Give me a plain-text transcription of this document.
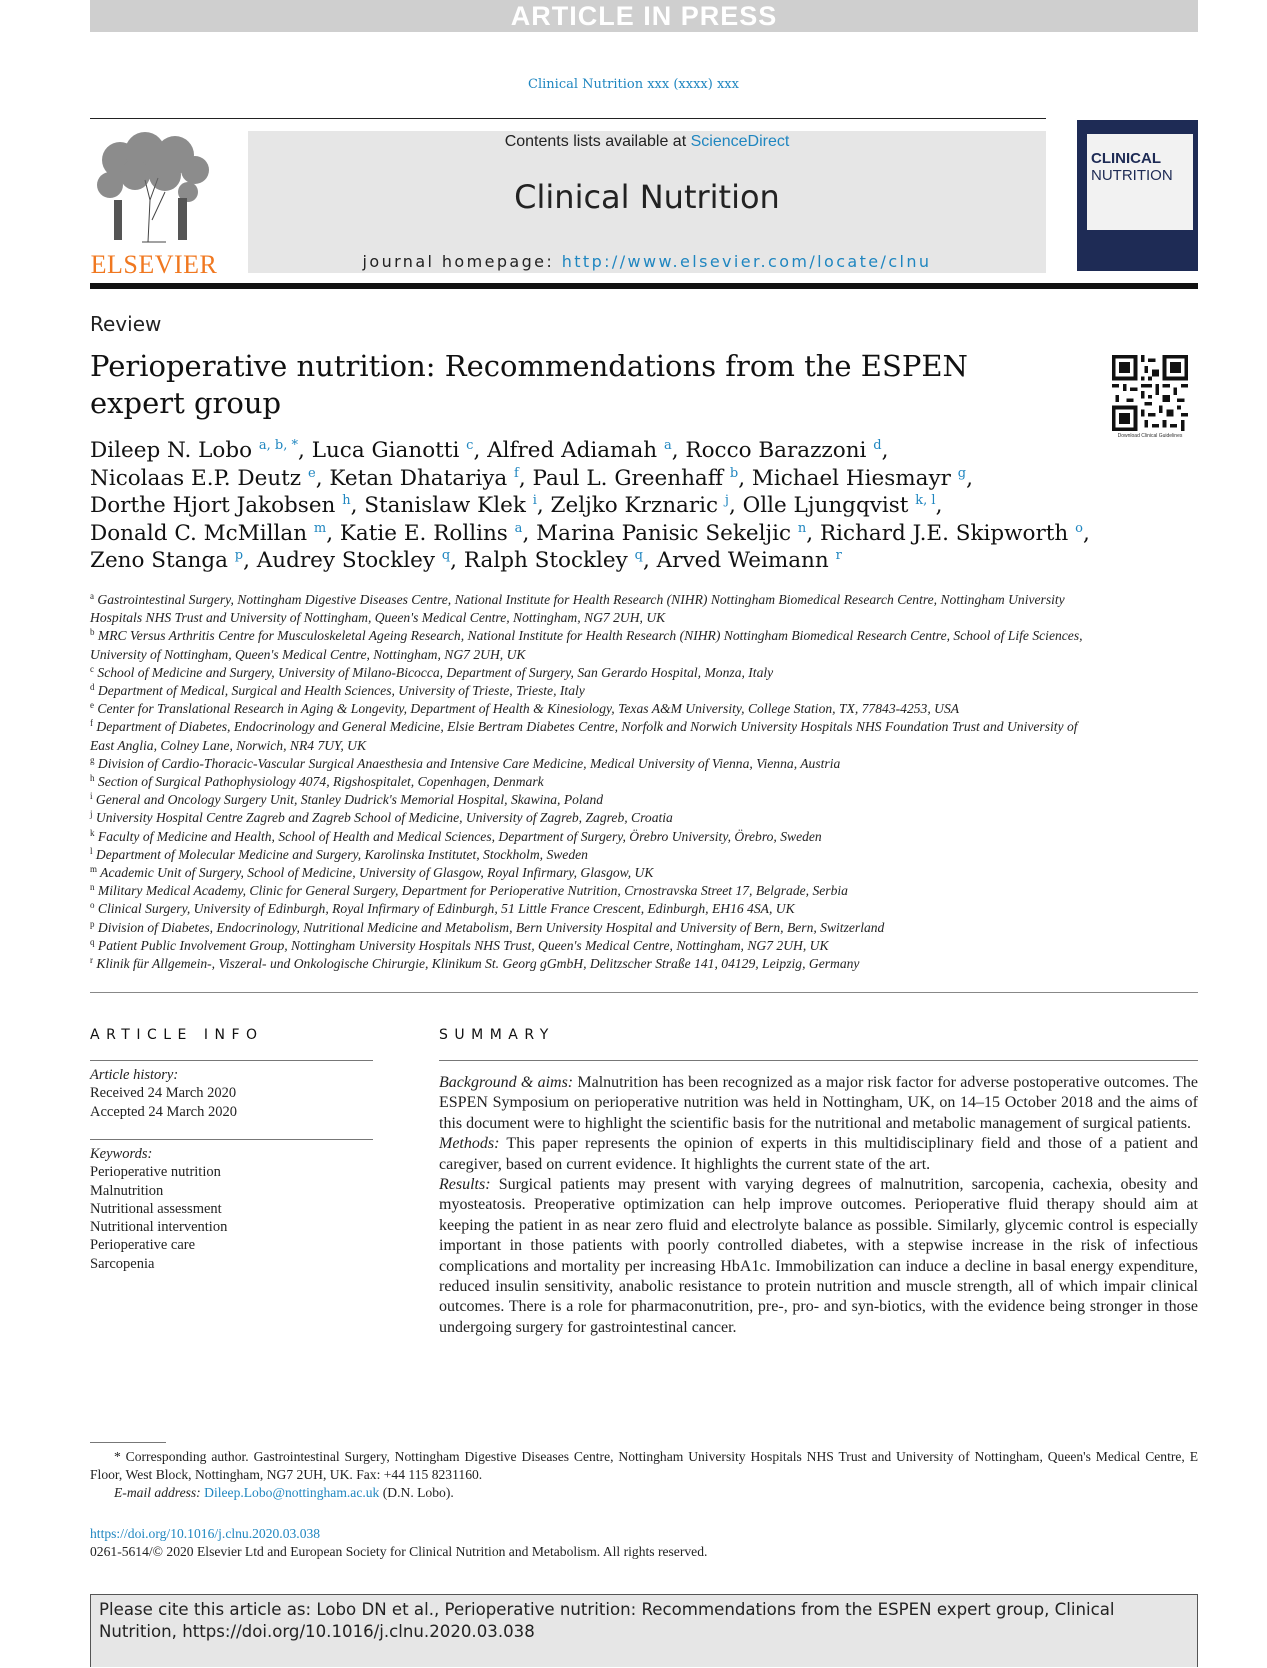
ARTICLE IN PRESS
Clinical Nutrition xxx (xxxx) xxx
ELSEVIER
Contents lists available at ScienceDirect
Clinical Nutrition
journal homepage: http://www.elsevier.com/locate/clnu
CLINICAL
NUTRITION
Review
Perioperative nutrition: Recommendations from the ESPEN expert group
Download Clinical Guidelines
Dileep N. Lobo $^{a, b, *}$, Luca Gianotti $^c$, Alfred Adiamah $^a$, Rocco Barazzoni $^d$,
Nicolaas E.P. Deutz $^e$, Ketan Dhatariya $^f$, Paul L. Greenhaff $^b$, Michael Hiesmayr $^g$,
Dorthe Hjort Jakobsen $^h$, Stanislaw Klek $^i$, Zeljko Krznaric $^j$, Olle Ljungqvist $^{k, l}$,
Donald C. McMillan $^m$, Katie E. Rollins $^a$, Marina Panisic Sekeljic $^n$, Richard J.E. Skipworth $^o$,
Zeno Stanga $^p$, Audrey Stockley $^q$, Ralph Stockley $^q$, Arved Weimann $^r$
$^a$ Gastrointestinal Surgery, Nottingham Digestive Diseases Centre, National Institute for Health Research (NIHR) Nottingham Biomedical Research Centre, Nottingham University Hospitals NHS Trust and University of Nottingham, Queen's Medical Centre, Nottingham, NG7 2UH, UK
$^b$ MRC Versus Arthritis Centre for Musculoskeletal Ageing Research, National Institute for Health Research (NIHR) Nottingham Biomedical Research Centre, School of Life Sciences, University of Nottingham, Queen's Medical Centre, Nottingham, NG7 2UH, UK
$^c$ School of Medicine and Surgery, University of Milano-Bicocca, Department of Surgery, San Gerardo Hospital, Monza, Italy
$^d$ Department of Medical, Surgical and Health Sciences, University of Trieste, Trieste, Italy
$^e$ Center for Translational Research in Aging & Longevity, Department of Health & Kinesiology, Texas A&M University, College Station, TX, 77843-4253, USA
$^f$ Department of Diabetes, Endocrinology and General Medicine, Elsie Bertram Diabetes Centre, Norfolk and Norwich University Hospitals NHS Foundation Trust and University of East Anglia, Colney Lane, Norwich, NR4 7UY, UK
$^g$ Division of Cardio-Thoracic-Vascular Surgical Anaesthesia and Intensive Care Medicine, Medical University of Vienna, Vienna, Austria
$^h$ Section of Surgical Pathophysiology 4074, Rigshospitalet, Copenhagen, Denmark
$^i$ General and Oncology Surgery Unit, Stanley Dudrick's Memorial Hospital, Skawina, Poland
$^j$ University Hospital Centre Zagreb and Zagreb School of Medicine, University of Zagreb, Zagreb, Croatia
$^k$ Faculty of Medicine and Health, School of Health and Medical Sciences, Department of Surgery, Örebro University, Örebro, Sweden
$^l$ Department of Molecular Medicine and Surgery, Karolinska Institutet, Stockholm, Sweden
$^m$ Academic Unit of Surgery, School of Medicine, University of Glasgow, Royal Infirmary, Glasgow, UK
$^n$ Military Medical Academy, Clinic for General Surgery, Department for Perioperative Nutrition, Crnostravska Street 17, Belgrade, Serbia
$^o$ Clinical Surgery, University of Edinburgh, Royal Infirmary of Edinburgh, 51 Little France Crescent, Edinburgh, EH16 4SA, UK
$^p$ Division of Diabetes, Endocrinology, Nutritional Medicine and Metabolism, Bern University Hospital and University of Bern, Bern, Switzerland
$^q$ Patient Public Involvement Group, Nottingham University Hospitals NHS Trust, Queen's Medical Centre, Nottingham, NG7 2UH, UK
$^r$ Klinik für Allgemein-, Viszeral- und Onkologische Chirurgie, Klinikum St. Georg gGmbH, Delitzscher Straße 141, 04129, Leipzig, Germany
ARTICLE INFO
Article history:
Received 24 March 2020
Accepted 24 March 2020
Keywords:
Perioperative nutrition
Malnutrition
Nutritional assessment
Nutritional intervention
Perioperative care
Sarcopenia
SUMMARY
Background & aims: Malnutrition has been recognized as a major risk factor for adverse postoperative outcomes. The ESPEN Symposium on perioperative nutrition was held in Nottingham, UK, on 14–15 October 2018 and the aims of this document were to highlight the scientific basis for the nutritional and metabolic management of surgical patients.
Methods: This paper represents the opinion of experts in this multidisciplinary field and those of a patient and caregiver, based on current evidence. It highlights the current state of the art.
Results: Surgical patients may present with varying degrees of malnutrition, sarcopenia, cachexia, obesity and myosteatosis. Preoperative optimization can help improve outcomes. Perioperative fluid therapy should aim at keeping the patient in as near zero fluid and electrolyte balance as possible. Similarly, glycemic control is especially important in those patients with poorly controlled diabetes, with a stepwise increase in the risk of infectious complications and mortality per increasing HbA1c. Immobilization can induce a decline in basal energy expenditure, reduced insulin sensitivity, anabolic resistance to protein nutrition and muscle strength, all of which impair clinical outcomes. There is a role for pharmaconutrition, pre-, pro- and syn-biotics, with the evidence being stronger in those undergoing surgery for gastrointestinal cancer.
* Corresponding author. Gastrointestinal Surgery, Nottingham Digestive Diseases Centre, Nottingham University Hospitals NHS Trust and University of Nottingham, Queen's Medical Centre, E Floor, West Block, Nottingham, NG7 2UH, UK. Fax: +44 115 8231160.
E-mail address: Dileep.Lobo@nottingham.ac.uk (D.N. Lobo).
https://doi.org/10.1016/j.clnu.2020.03.038
0261-5614/© 2020 Elsevier Ltd and European Society for Clinical Nutrition and Metabolism. All rights reserved.
Please cite this article as: Lobo DN et al., Perioperative nutrition: Recommendations from the ESPEN expert group, Clinical Nutrition, https://doi.org/10.1016/j.clnu.2020.03.038
